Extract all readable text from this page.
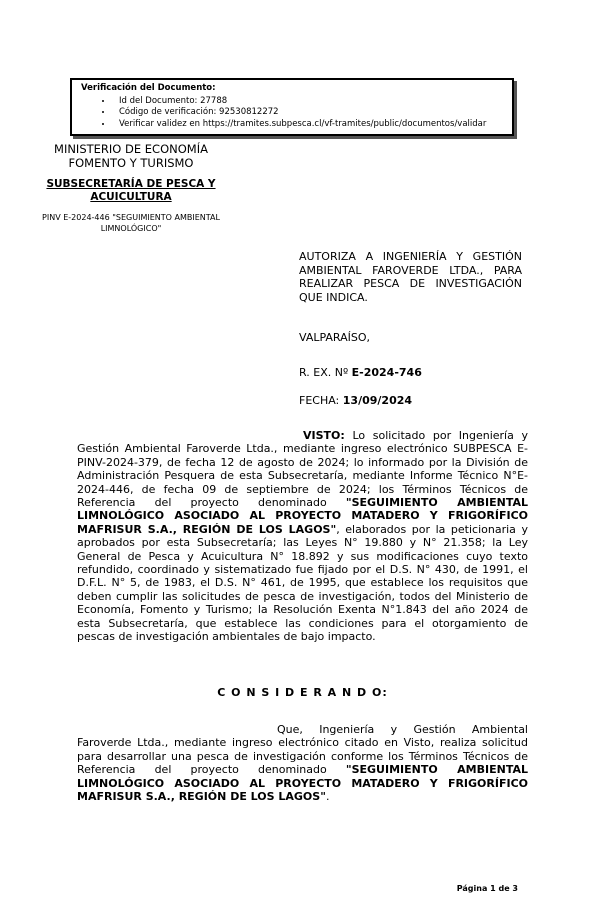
Verificación del Documento:
• Id del Documento: 27788
• Código de verificación: 92530812272
• Verificar validez en https://tramites.subpesca.cl/vf-tramites/public/documentos/validar
MINISTERIO DE ECONOMÍA
FOMENTO Y TURISMO
SUBSECRETARÍA DE PESCA Y
ACUICULTURA
PINV E-2024-446 "SEGUIMIENTO AMBIENTAL LIMNOLÓGICO"

AUTORIZA A INGENIERÍA Y GESTIÓN AMBIENTAL FAROVERDE LTDA., PARA REALIZAR PESCA DE INVESTIGACIÓN QUE INDICA.

VALPARAÍSO,
R. EX. Nº E-2024-746
FECHA: 13/09/2024

VISTO: Lo solicitado por Ingeniería y Gestión Ambiental Faroverde Ltda., mediante ingreso electrónico SUBPESCA E-PINV-2024-379, de fecha 12 de agosto de 2024; lo informado por la División de Administración Pesquera de esta Subsecretaría, mediante Informe Técnico N°E-2024-446, de fecha 09 de septiembre de 2024; los Términos Técnicos de Referencia del proyecto denominado "SEGUIMIENTO AMBIENTAL LIMNOLÓGICO ASOCIADO AL PROYECTO MATADERO Y FRIGORÍFICO MAFRISUR S.A., REGIÓN DE LOS LAGOS", elaborados por la peticionaria y aprobados por esta Subsecretaría; las Leyes N° 19.880 y N° 21.358; la Ley General de Pesca y Acuicultura N° 18.892 y sus modificaciones cuyo texto refundido, coordinado y sistematizado fue fijado por el D.S. N° 430, de 1991, el D.F.L. N° 5, de 1983, el D.S. N° 461, de 1995, que establece los requisitos que deben cumplir las solicitudes de pesca de investigación, todos del Ministerio de Economía, Fomento y Turismo; la Resolución Exenta N°1.843 del año 2024 de esta Subsecretaría, que establece las condiciones para el otorgamiento de pescas de investigación ambientales de bajo impacto.

C O N S I D E R A N D O:

Que, Ingeniería y Gestión Ambiental Faroverde Ltda., mediante ingreso electrónico citado en Visto, realiza solicitud para desarrollar una pesca de investigación conforme los Términos Técnicos de Referencia del proyecto denominado "SEGUIMIENTO AMBIENTAL LIMNOLÓGICO ASOCIADO AL PROYECTO MATADERO Y FRIGORÍFICO MAFRISUR S.A., REGIÓN DE LOS LAGOS".

Página 1 de 3
